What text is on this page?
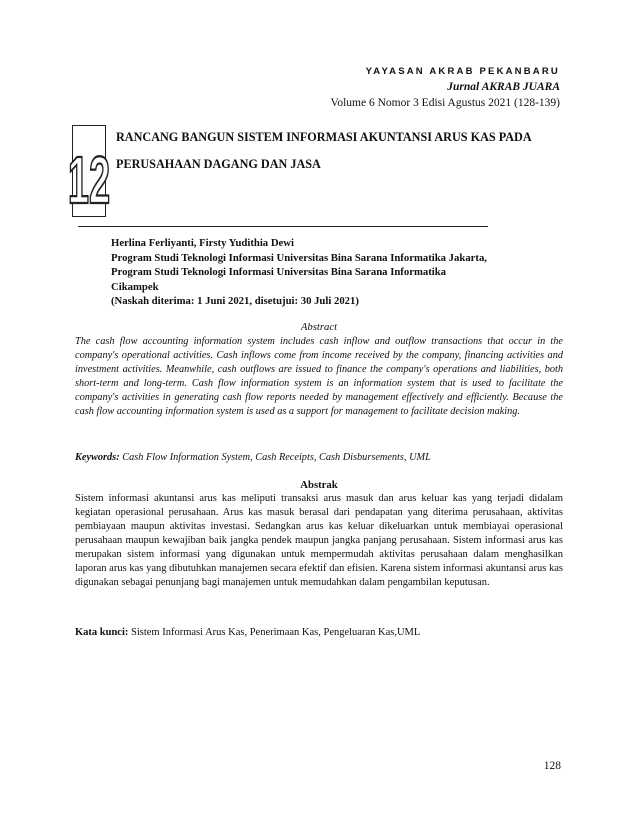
YAYASAN AKRAB PEKANBARU
Jurnal AKRAB JUARA
Volume 6 Nomor 3 Edisi Agustus 2021 (128-139)
12
RANCANG BANGUN SISTEM INFORMASI AKUNTANSI ARUS KAS PADA
PERUSAHAAN DAGANG DAN JASA
Herlina Ferliyanti, Firsty Yudithia Dewi
Program Studi Teknologi Informasi Universitas Bina Sarana Informatika Jakarta,
Program Studi Teknologi Informasi Universitas Bina Sarana Informatika
Cikampek
(Naskah diterima: 1 Juni 2021, disetujui: 30 Juli 2021)
Abstract
The cash flow accounting information system includes cash inflow and outflow transactions that occur in the company's operational activities. Cash inflows come from income received by the company, financing activities and investment activities. Meanwhile, cash outflows are issued to finance the company's operations and liabilities, both short-term and long-term. Cash flow information system is an information system that is used to facilitate the company's activities in generating cash flow reports needed by management effectively and efficiently. Because the cash flow accounting information system is used as a support for management to facilitate decision making.
Keywords: Cash Flow Information System, Cash Receipts, Cash Disbursements, UML
Abstrak
Sistem informasi akuntansi arus kas meliputi transaksi arus masuk dan arus keluar kas yang terjadi didalam kegiatan operasional perusahaan. Arus kas masuk berasal dari pendapatan yang diterima perusahaan, aktivitas pembiayaan maupun aktivitas investasi. Sedangkan arus kas keluar dikeluarkan untuk membiayai operasional perusahaan maupun kewajiban baik jangka pendek maupun jangka panjang perusahaan. Sistem informasi arus kas merupakan sistem informasi yang digunakan untuk mempermudah aktivitas perusahaan dalam menghasilkan laporan arus kas yang dibutuhkan manajemen secara efektif dan efisien. Karena sistem informasi akuntansi arus kas digunakan sebagai penunjang bagi manajemen untuk memudahkan dalam pengambilan keputusan.
Kata kunci: Sistem Informasi Arus Kas, Penerimaan Kas, Pengeluaran Kas,UML
128
